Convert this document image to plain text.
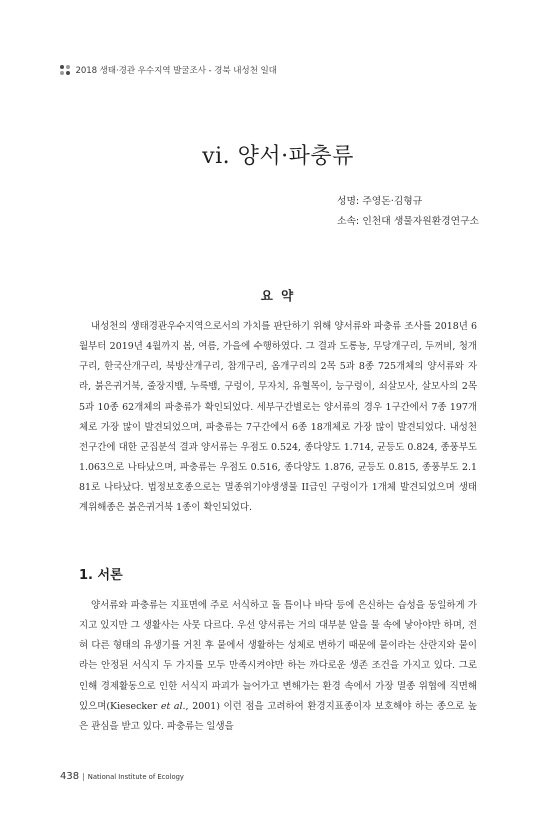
2018 생태·경관 우수지역 발굴조사 - 경북 내성천 일대
vi. 양서·파충류
성명: 주영돈·김형규
소속: 인천대 생물자원환경연구소
요 약

내성천의 생태경관우수지역으로서의 가치를 판단하기 위해 양서류와 파충류 조사를 2018년 6월부터 2019년 4월까지 봄, 여름, 가을에 수행하였다. 그 결과 도롱뇽, 무당개구리, 두꺼비, 청개구리, 한국산개구리, 북방산개구리, 참개구리, 옴개구리의 2목 5과 8종 725개체의 양서류와 자라, 붉은귀거북, 줄장지뱀, 누룩뱀, 구렁이, 무자치, 유혈목이, 능구렁이, 쇠살모사, 살모사의 2목 5과 10종 62개체의 파충류가 확인되었다. 세부구간별로는 양서류의 경우 1구간에서 7종 197개체로 가장 많이 발견되었으며, 파충류는 7구간에서 6종 18개체로 가장 많이 발견되었다. 내성천 전구간에 대한 군집분석 결과 양서류는 우점도 0.524, 종다양도 1.714, 균등도 0.824, 종풍부도 1.063으로 나타났으며, 파충류는 우점도 0.516, 종다양도 1.876, 균등도 0.815, 종풍부도 2.181로 나타났다. 법정보호종으로는 멸종위기야생생물 II급인 구렁이가 1개체 발견되었으며 생태계위해종은 붉은귀거북 1종이 확인되었다.

1. 서론

양서류와 파충류는 지표면에 주로 서식하고 돌 틈이나 바닥 등에 은신하는 습성을 동일하게 가지고 있지만 그 생활사는 사뭇 다르다. 우선 양서류는 거의 대부분 알을 물 속에 낳아야만 하며, 전혀 다른 형태의 유생기를 거친 후 뭍에서 생활하는 성체로 변하기 때문에 뭍이라는 산란지와 뭍이라는 안정된 서식지 두 가지를 모두 만족시켜야만 하는 까다로운 생존 조건을 가지고 있다. 그로 인해 경제활동으로 인한 서식지 파괴가 늘어가고 변해가는 환경 속에서 가장 멸종 위협에 직면해 있으며(Kiesecker et al., 2001) 이런 점을 고려하여 환경지표종이자 보호해야 하는 종으로 높은 관심을 받고 있다. 파충류는 일생을

438 | National Institute of Ecology
